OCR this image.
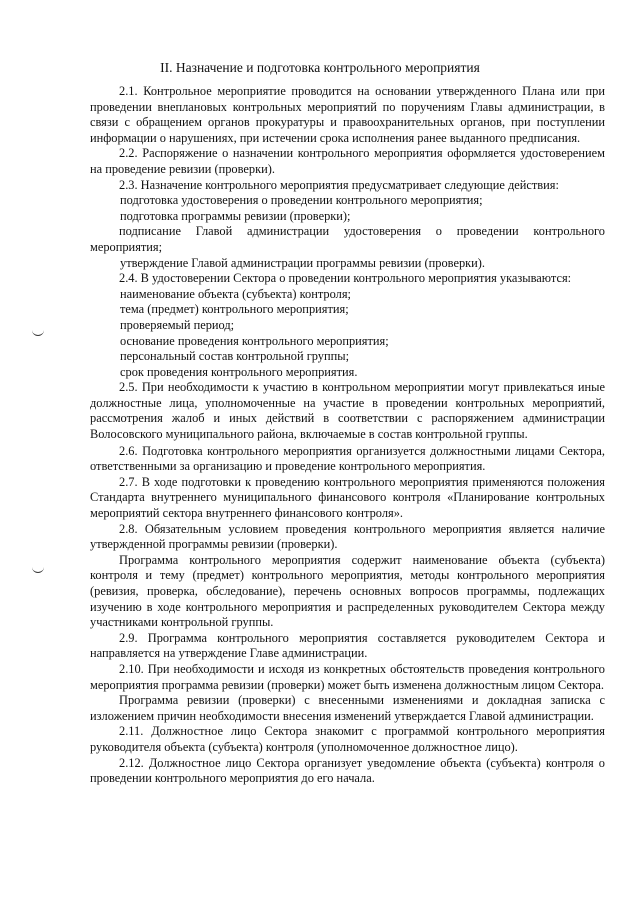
II. Назначение и подготовка контрольного мероприятия

2.1. Контрольное мероприятие проводится на основании утвержденного Плана или при проведении внеплановых контрольных мероприятий по поручениям Главы администрации, в связи с обращением органов прокуратуры и правоохранительных органов, при поступлении информации о нарушениях, при истечении срока исполнения ранее выданного предписания.

2.2. Распоряжение о назначении контрольного мероприятия оформляется удостоверением на проведение ревизии (проверки).

2.3. Назначение контрольного мероприятия предусматривает следующие действия:

подготовка удостоверения о проведении контрольного мероприятия;

подготовка программы ревизии (проверки);

подписание Главой администрации удостоверения о проведении контрольного мероприятия;

утверждение Главой администрации программы ревизии (проверки).

2.4. В удостоверении Сектора о проведении контрольного мероприятия указываются:

наименование объекта (субъекта) контроля;

тема (предмет) контрольного мероприятия;

проверяемый период;

основание проведения контрольного мероприятия;

персональный состав контрольной группы;

срок проведения контрольного мероприятия.

2.5. При необходимости к участию в контрольном мероприятии могут привлекаться иные должностные лица, уполномоченные на участие в проведении контрольных мероприятий, рассмотрения жалоб и иных действий в соответствии с распоряжением администрации Волосовского муниципального района, включаемые в состав контрольной группы.

2.6. Подготовка контрольного мероприятия организуется должностными лицами Сектора, ответственными за организацию и проведение контрольного мероприятия.

2.7. В ходе подготовки к проведению контрольного мероприятия применяются положения Стандарта внутреннего муниципального финансового контроля «Планирование контрольных мероприятий сектора внутреннего финансового контроля».

2.8. Обязательным условием проведения контрольного мероприятия является наличие утвержденной программы ревизии (проверки).

Программа контрольного мероприятия содержит наименование объекта (субъекта) контроля и тему (предмет) контрольного мероприятия, методы контрольного мероприятия (ревизия, проверка, обследование), перечень основных вопросов программы, подлежащих изучению в ходе контрольного мероприятия и распределенных руководителем Сектора между участниками контрольной группы.

2.9. Программа контрольного мероприятия составляется руководителем Сектора и направляется на утверждение Главе администрации.

2.10. При необходимости и исходя из конкретных обстоятельств проведения контрольного мероприятия программа ревизии (проверки) может быть изменена должностным лицом Сектора.

Программа ревизии (проверки) с внесенными изменениями и докладная записка с изложением причин необходимости внесения изменений утверждается Главой администрации.

2.11. Должностное лицо Сектора знакомит с программой контрольного мероприятия руководителя объекта (субъекта) контроля (уполномоченное должностное лицо).

2.12. Должностное лицо Сектора организует уведомление объекта (субъекта) контроля о проведении контрольного мероприятия до его начала.
